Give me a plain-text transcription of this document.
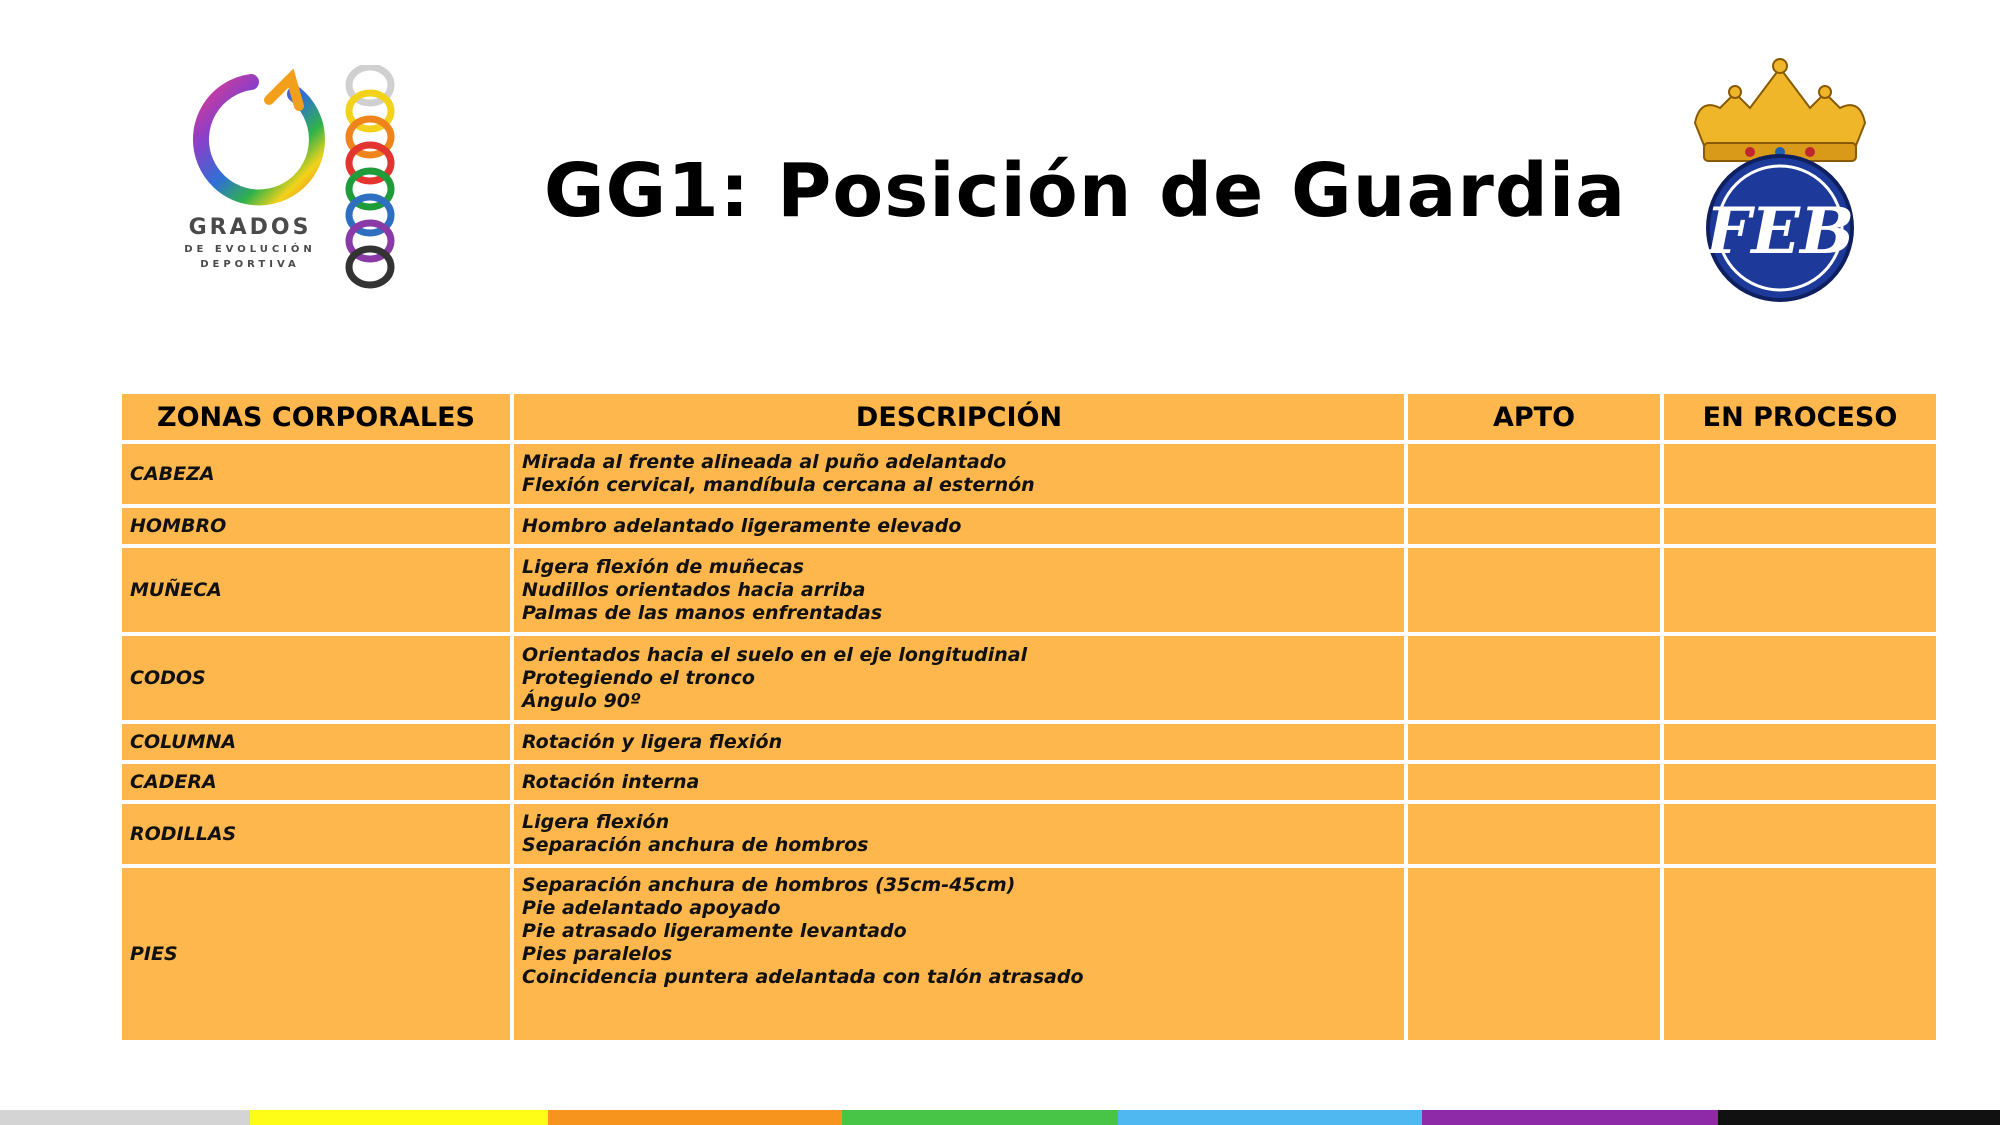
GRADOS
DE EVOLUCIÓN
DEPORTIVA
GG1: Posición de Guardia	FEB
ZONAS CORPORALES	DESCRIPCIÓN	APTO	EN PROCESO
CABEZA	Mirada al frente alineada al puño adelantado
Flexión cervical, mandíbula cercana al esternón		

HOMBRO	Hombro adelantado ligeramente elevado		

MUÑECA	Ligera flexión de muñecas
Nudillos orientados hacia arriba
Palmas de las manos enfrentadas		

CODOS	Orientados hacia el suelo en el eje longitudinal
Protegiendo el tronco
Ángulo 90º		

COLUMNA	Rotación y ligera flexión		

CADERA	Rotación interna		

RODILLAS	Ligera flexión
Separación anchura de hombros		

PIES	Separación anchura de hombros (35cm-45cm)
Pie adelantado apoyado
Pie atrasado ligeramente levantado
Pies paralelos
Coincidencia puntera adelantada con talón atrasado		
